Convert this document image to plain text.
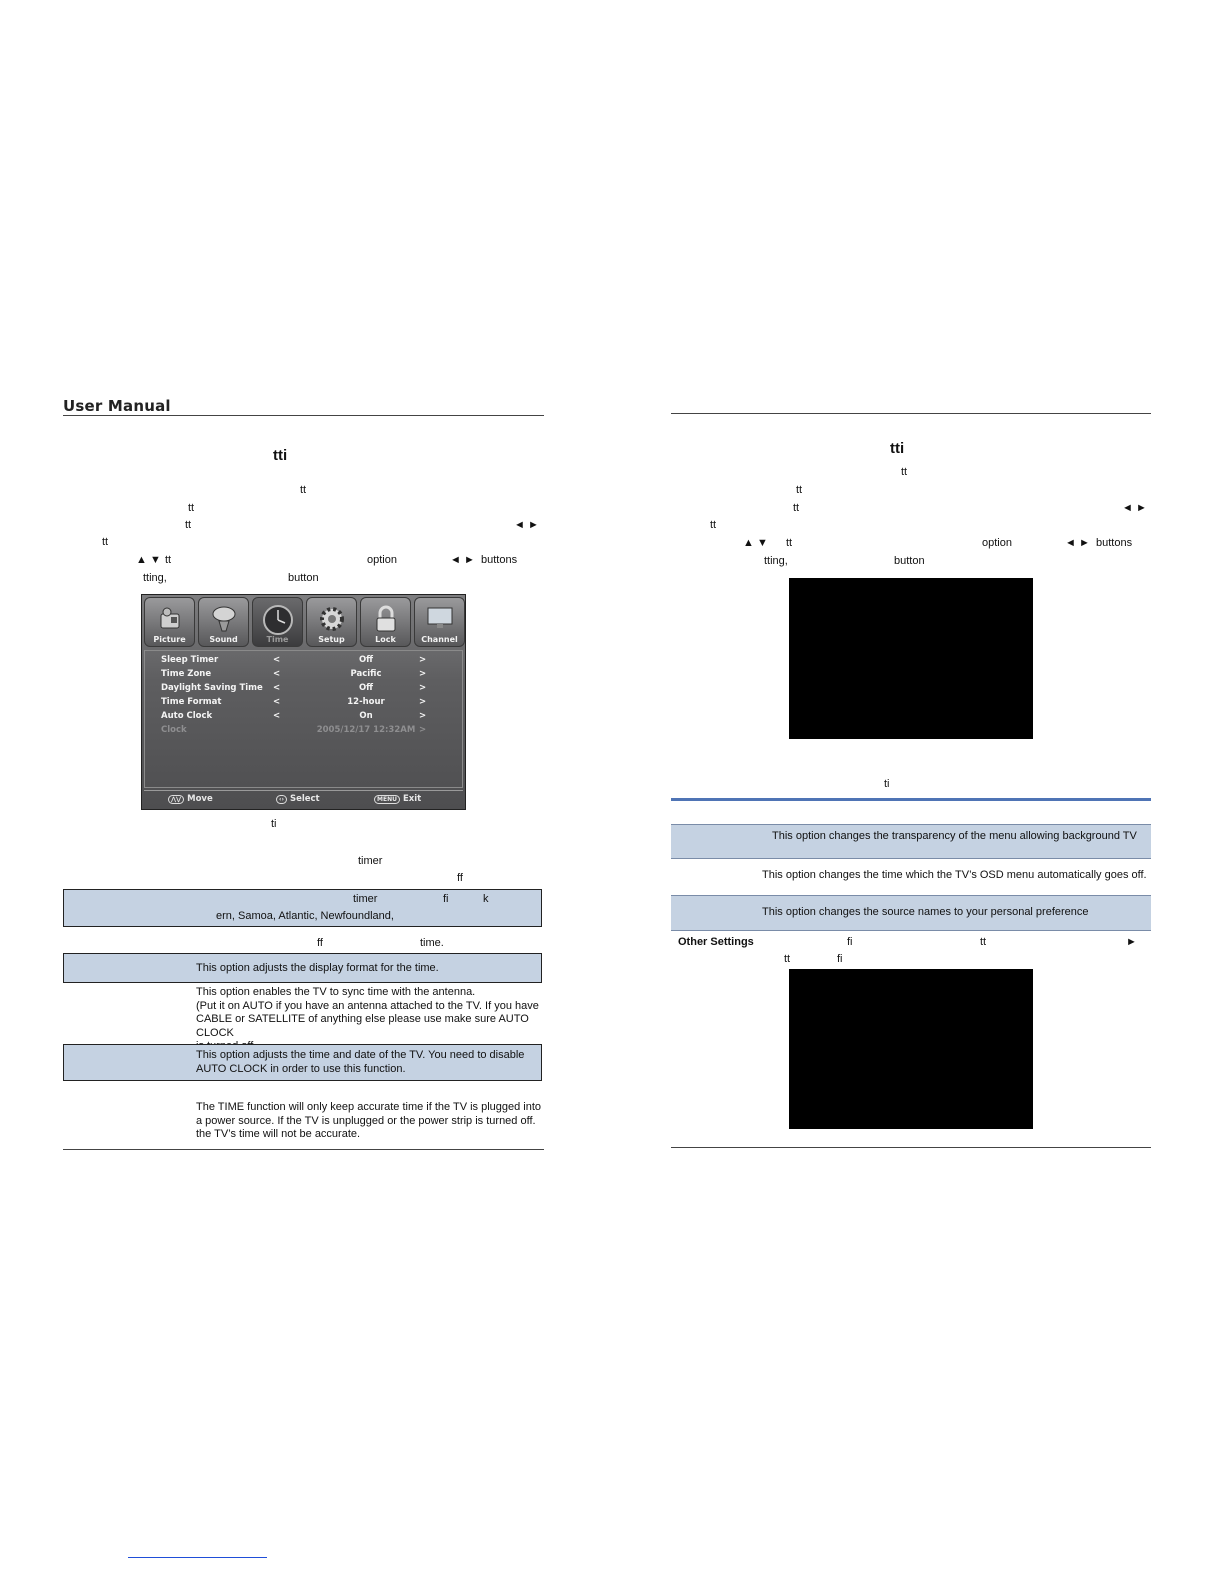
User Manual
tti
tt
tt
tt	◄ ►
tt
▲ ▼ tt	option	◄ ► buttons
tting,	button
Picture	Sound	Time	Setup	Lock	Channel
Sleep Timer	<	Off	>
Time Zone	<	Pacific	>
Daylight Saving Time <	Off	>
Time Format	<	12-hour	>
Auto Clock	<	On	>
Clock	2005/12/17 12:32AM >
⋀⋁ Move	‹› Select	MENU Exit
ti
timer
ff
timer	fi	k
ern, Samoa, Atlantic, Newfoundland,
ff	time.
This option adjusts the display format for the time.
This option enables the TV to sync time with the antenna.
(Put it on AUTO if you have an antenna attached to the TV. If you have
CABLE or SATELLITE of anything else please use make sure AUTO CLOCK
This option adjusts the time and date of the TV. You need to disable
AUTO CLOCK in order to use this function.
The TIME function will only keep accurate time if the TV is plugged into
a power source. If the TV is unplugged or the power strip is turned off.
the TV’s time will not be accurate.
tti
tt
tt
tt	◄ ►
tt
▲ ▼ tt	option	◄ ► buttons
tting,	button
ti
This option changes the transparency of the menu allowing background TV
This option changes the time which the TV’s OSD menu automatically goes off.
This option changes the source names to your personal preference
Other Settings	fi	tt	►
tt	fi
